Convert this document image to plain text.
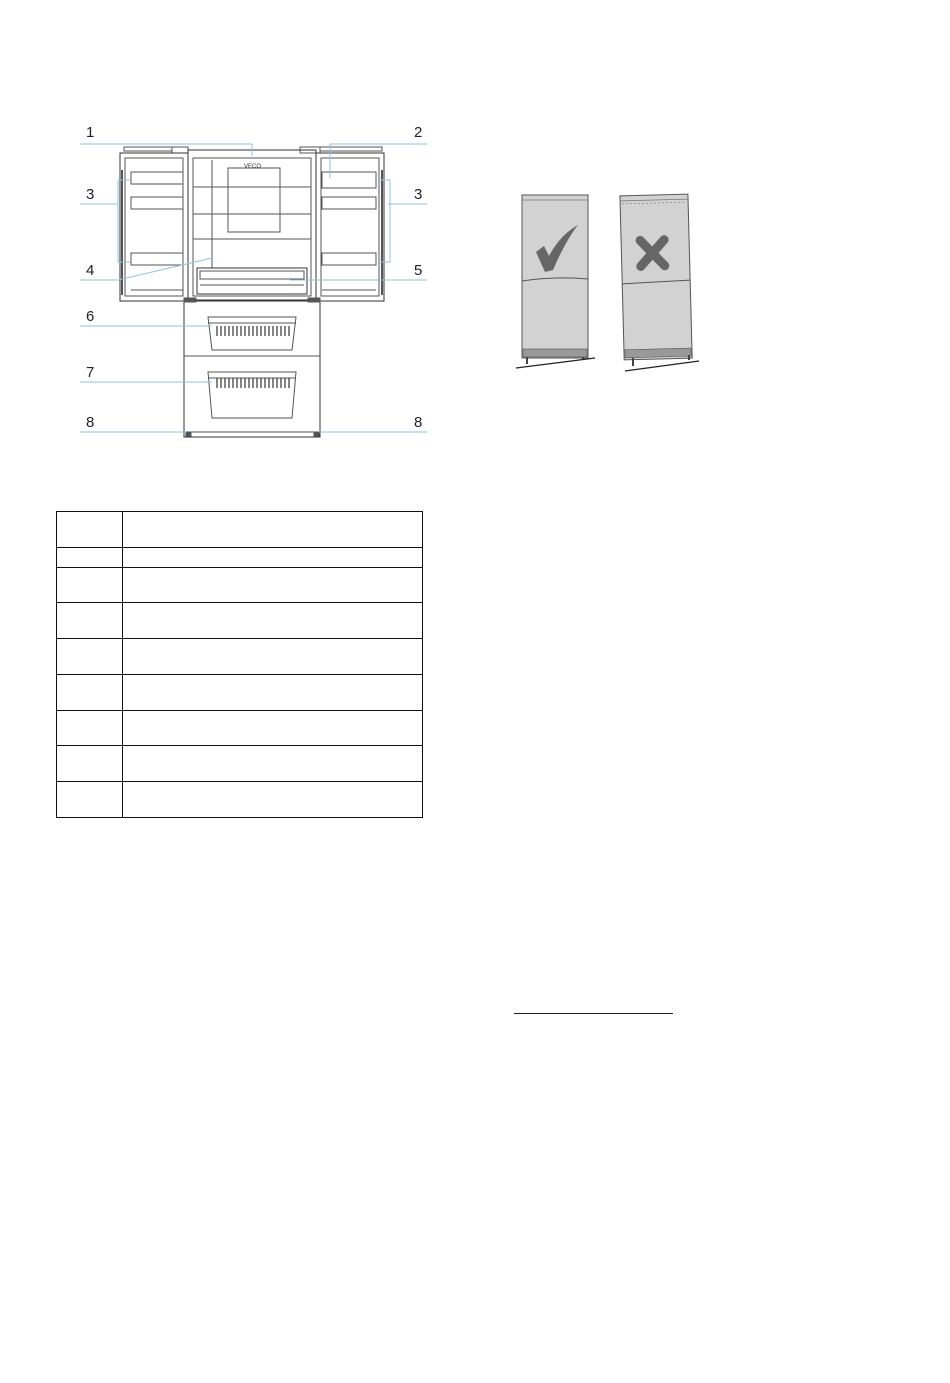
VECO
1	2
3	3
4	5
6
7
8	8
